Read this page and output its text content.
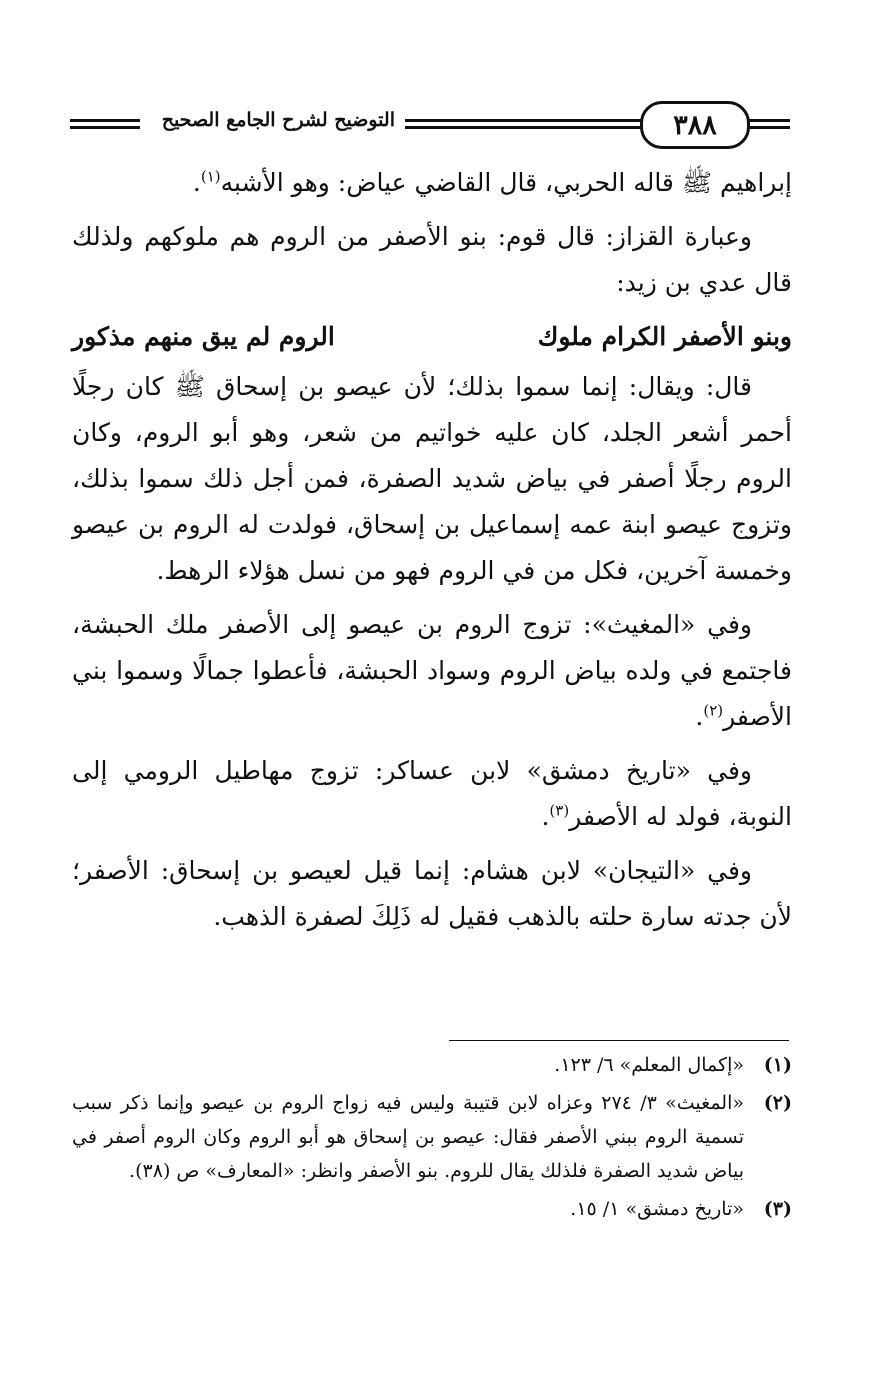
التوضيح لشرح الجامع الصحيح	٣٨٨

إبراهيم ﷺ قاله الحربي، قال القاضي عياض: وهو الأشبه$^{(١)}$.

وعبارة القزاز: قال قوم: بنو الأصفر من الروم هم ملوكهم ولذلك قال عدي بن زيد:

وبنو الأصفر الكرام ملوك
الروم لم يبق منهم مذكور

قال: ويقال: إنما سموا بذلك؛ لأن عيصو بن إسحاق ﷺ كان رجلًا أحمر أشعر الجلد، كان عليه خواتيم من شعر، وهو أبو الروم، وكان الروم رجلًا أصفر في بياض شديد الصفرة، فمن أجل ذلك سموا بذلك، وتزوج عيصو ابنة عمه إسماعيل بن إسحاق، فولدت له الروم بن عيصو وخمسة آخرين، فكل من في الروم فهو من نسل هؤلاء الرهط.

وفي «المغيث»: تزوج الروم بن عيصو إلى الأصفر ملك الحبشة، فاجتمع في ولده بياض الروم وسواد الحبشة، فأعطوا جمالًا وسموا بني الأصفر$^{(٢)}$.

وفي «تاريخ دمشق» لابن عساكر: تزوج مهاطيل الرومي إلى النوبة، فولد له الأصفر$^{(٣)}$.

وفي «التيجان» لابن هشام: إنما قيل لعيصو بن إسحاق: الأصفر؛ لأن جدته سارة حلته بالذهب فقيل له ذَلِكَ لصفرة الذهب.

(١)
«إكمال المعلم» ٦/ ١٢٣.
(٢)
«المغيث» ٣/ ٢٧٤ وعزاه لابن قتيبة وليس فيه زواج الروم بن عيصو وإنما ذكر سبب تسمية الروم ببني الأصفر فقال: عيصو بن إسحاق هو أبو الروم وكان الروم أصفر في بياض شديد الصفرة فلذلك يقال للروم. بنو الأصفر وانظر: «المعارف» ص (٣٨).
(٣)
«تاريخ دمشق» ١/ ١٥.
